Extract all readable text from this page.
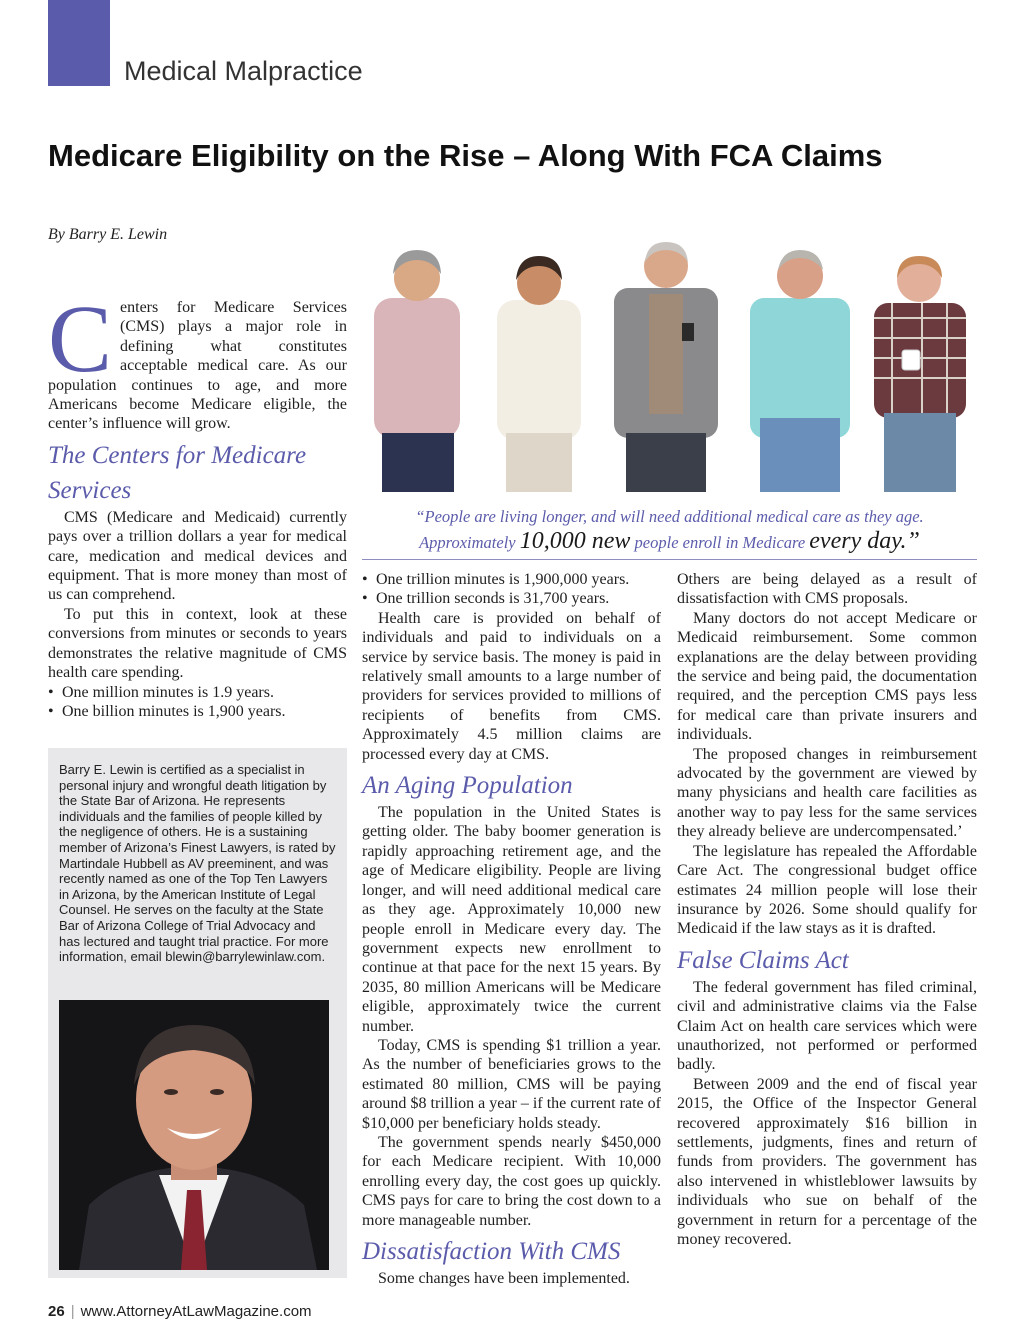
Medical Malpractice
Medicare Eligibility on the Rise – Along With FCA Claims
By Barry E. Lewin

Centers for Medicare Services (CMS) plays a major role in defining what constitutes acceptable medical care. As our population continues to age, and more Americans become Medicare eligible, the center’s influence will grow.

The Centers for Medicare Services

CMS (Medicare and Medicaid) currently pays over a trillion dollars a year for medical care, medication and medical devices and equipment. That is more money than most of us can comprehend.

To put this in context, look at these conversions from minutes or seconds to years demonstrates the relative magnitude of CMS health care spending.

• One million minutes is 1.9 years.
• One billion minutes is 1,900 years.
Barry E. Lewin is certified as a specialist in personal injury and wrongful death litigation by the State Bar of Arizona. He represents individuals and the families of people killed by the negligence of others. He is a sustaining member of Arizona’s Finest Lawyers, is rated by Martindale Hubbell as AV preeminent, and was recently named as one of the Top Ten Lawyers in Arizona, by the American Institute of Legal Counsel. He serves on the faculty at the State Bar of Arizona College of Trial Advocacy and has lectured and taught trial practice. For more information, email blewin@barrylewinlaw.com.
“People are living longer, and will need additional medical care as they age.
Approximately 10,000 new people enroll in Medicare every day.”
• One trillion minutes is 1,900,000 years.
• One trillion seconds is 31,700 years.

Health care is provided on behalf of individuals and paid to individuals on a service by service basis. The money is paid in relatively small amounts to a large number of providers for services provided to millions of recipients of benefits from CMS. Approximately 4.5 million claims are processed every day at CMS.

An Aging Population

The population in the United States is getting older. The baby boomer generation is rapidly approaching retirement age, and the age of Medicare eligibility. People are living longer, and will need additional medical care as they age. Approximately 10,000 new people enroll in Medicare every day. The government expects new enrollment to continue at that pace for the next 15 years. By 2035, 80 million Americans will be Medicare eligible, approximately twice the current number.

Today, CMS is spending $1 trillion a year. As the number of beneficiaries grows to the estimated 80 million, CMS will be paying around $8 trillion a year – if the current rate of $10,000 per beneficiary holds steady.

The government spends nearly $450,000 for each Medicare recipient. With 10,000 enrolling every day, the cost goes up quickly. CMS pays for care to bring the cost down to a more manageable number.

Dissatisfaction With CMS

Some changes have been implemented.

Others are being delayed as a result of dissatisfaction with CMS proposals.

Many doctors do not accept Medicare or Medicaid reimbursement. Some common explanations are the delay between providing the service and being paid, the documentation required, and the perception CMS pays less for medical care than private insurers and individuals.

The proposed changes in reimbursement advocated by the government are viewed by many physicians and health care facilities as another way to pay less for the same services they already believe are undercompensated.’

The legislature has repealed the Affordable Care Act. The congressional budget office estimates 24 million people will lose their insurance by 2026. Some should qualify for Medicaid if the law stays as it is drafted.

False Claims Act

The federal government has filed criminal, civil and administrative claims via the False Claim Act on health care services which were unauthorized, not performed or performed badly.

Between 2009 and the end of fiscal year 2015, the Office of the Inspector General recovered approximately $16 billion in settlements, judgments, fines and return of funds from providers. The government has also intervened in whistleblower lawsuits by individuals who sue on behalf of the government in return for a percentage of the money recovered.

26 | www.AttorneyAtLawMagazine.com
